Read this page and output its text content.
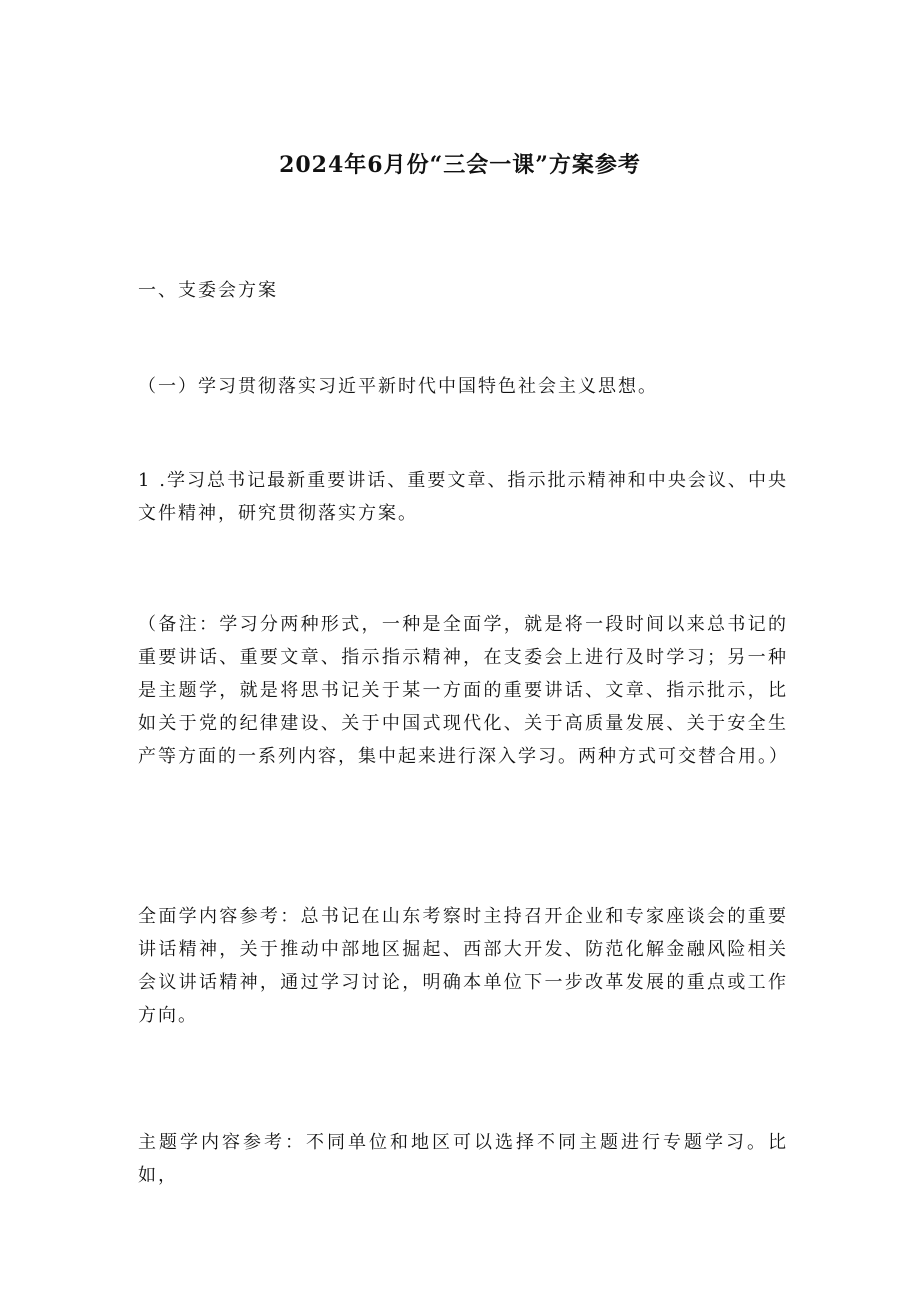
2024年6月份“三会一课”方案参考
一、支委会方案
（一）学习贯彻落实习近平新时代中国特色社会主义思想。
1 .学习总书记最新重要讲话、重要文章、指示批示精神和中央会议、中央文件精神，研究贯彻落实方案。
（备注：学习分两种形式，一种是全面学，就是将一段时间以来总书记的重要讲话、重要文章、指示指示精神，在支委会上进行及时学习；另一种是主题学，就是将思书记关于某一方面的重要讲话、文章、指示批示，比如关于党的纪律建设、关于中国式现代化、关于高质量发展、关于安全生产等方面的一系列内容，集中起来进行深入学习。两种方式可交替合用。）
全面学内容参考：总书记在山东考察时主持召开企业和专家座谈会的重要讲话精神，关于推动中部地区掘起、西部大开发、防范化解金融风险相关会议讲话精神，通过学习讨论，明确本单位下一步改革发展的重点或工作方向。
主题学内容参考：不同单位和地区可以选择不同主题进行专题学习。比如，
